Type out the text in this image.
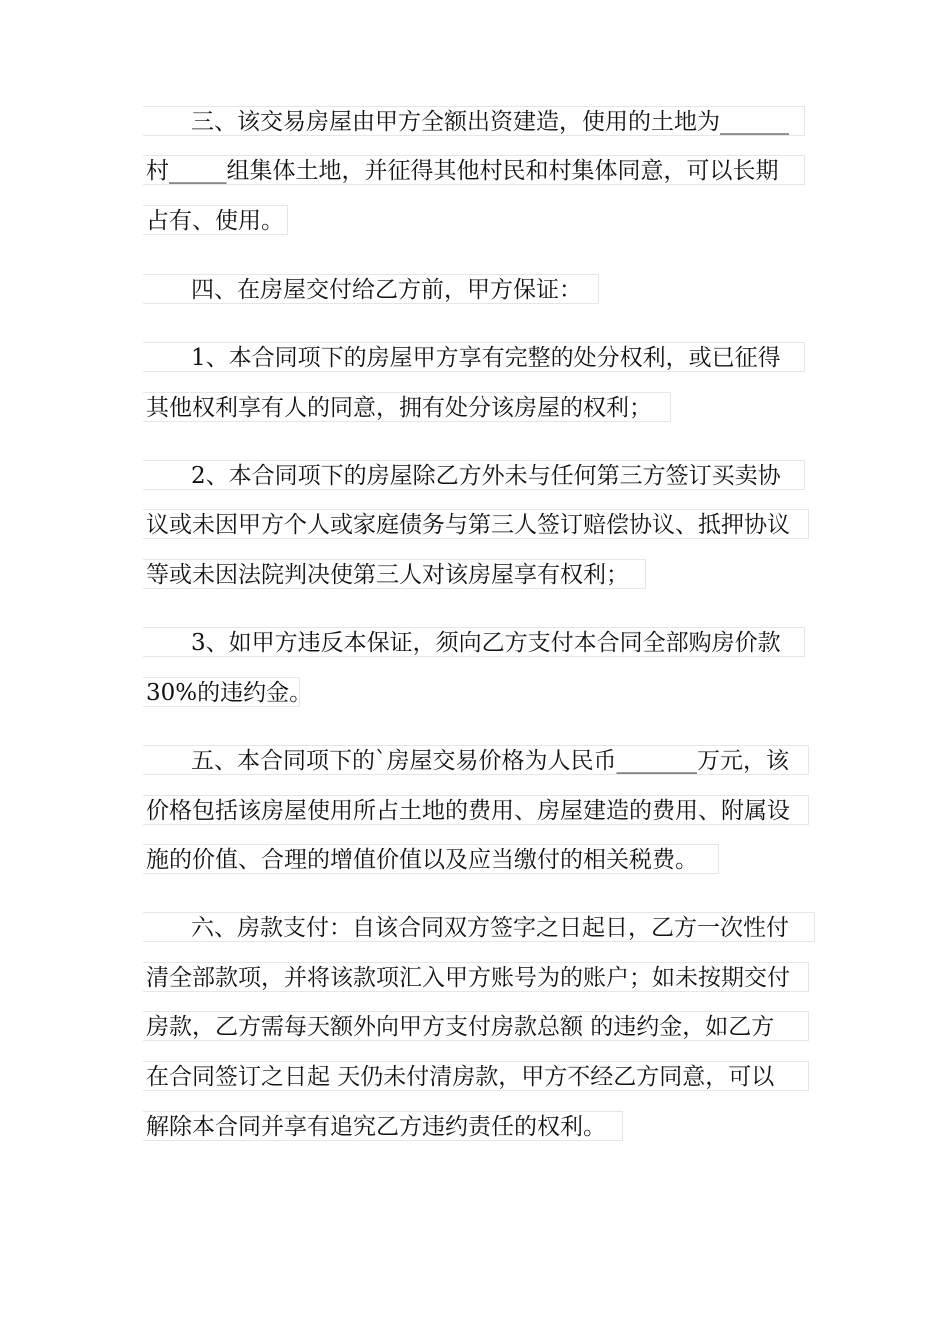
三、该交易房屋由甲方全额出资建造，使用的土地为______
村_____组集体土地，并征得其他村民和村集体同意，可以长期
占有、使用。
四、在房屋交付给乙方前，甲方保证：
1、本合同项下的房屋甲方享有完整的处分权利，或已征得
其他权利享有人的同意，拥有处分该房屋的权利；
2、本合同项下的房屋除乙方外未与任何第三方签订买卖协
议或未因甲方个人或家庭债务与第三人签订赔偿协议、抵押协议
等或未因法院判决使第三人对该房屋享有权利；
3、如甲方违反本保证，须向乙方支付本合同全部购房价款
30%的违约金。
五、本合同项下的`房屋交易价格为人民币_______万元，该
价格包括该房屋使用所占土地的费用、房屋建造的费用、附属设
施的价值、合理的增值价值以及应当缴付的相关税费。
六、房款支付：自该合同双方签字之日起日，乙方一次性付
清全部款项，并将该款项汇入甲方账号为的账户；如未按期交付
房款，乙方需每天额外向甲方支付房款总额 的违约金，如乙方
在合同签订之日起 天仍未付清房款，甲方不经乙方同意，可以
解除本合同并享有追究乙方违约责任的权利。
